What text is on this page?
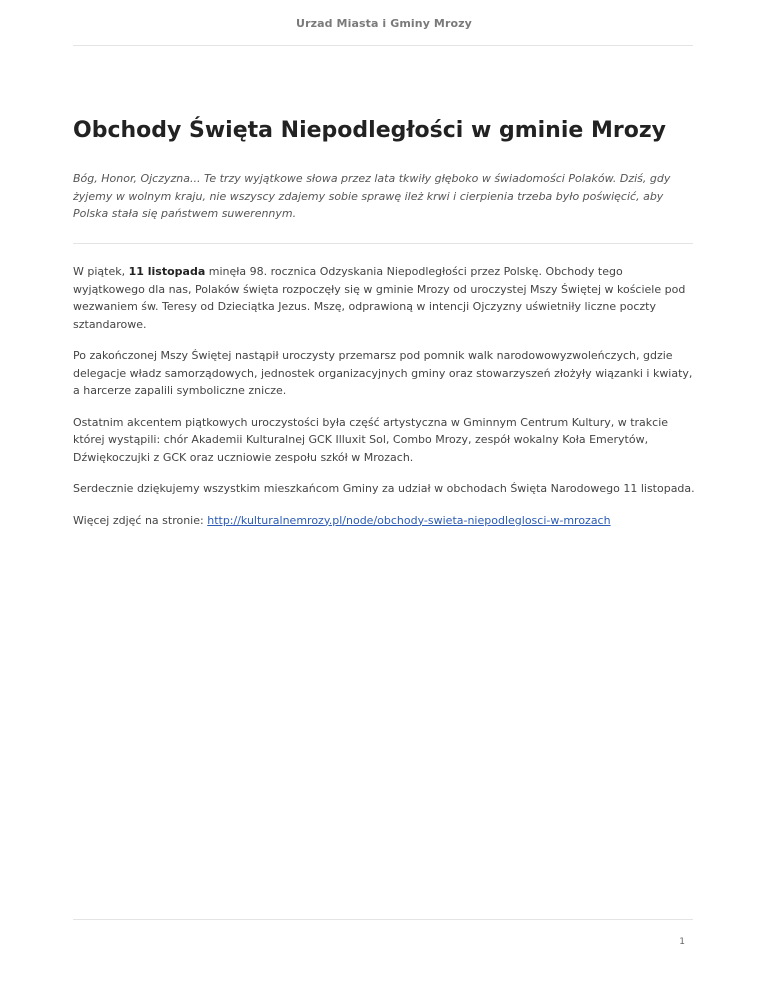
Urzad Miasta i Gminy Mrozy
Obchody Święta Niepodległości w gminie Mrozy

Bóg, Honor, Ojczyzna... Te trzy wyjątkowe słowa przez lata tkwiły głęboko w świadomości Polaków. Dziś, gdy żyjemy w wolnym kraju, nie wszyscy zdajemy sobie sprawę ileż krwi i cierpienia trzeba było poświęcić, aby Polska stała się państwem suwerennym.

W piątek, 11 listopada minęła 98. rocznica Odzyskania Niepodległości przez Polskę. Obchody tego wyjątkowego dla nas, Polaków święta rozpoczęły się w gminie Mrozy od uroczystej Mszy Świętej w kościele pod wezwaniem św. Teresy od Dzieciątka Jezus. Mszę, odprawioną w intencji Ojczyzny uświetniły liczne poczty sztandarowe.

Po zakończonej Mszy Świętej nastąpił uroczysty przemarsz pod pomnik walk narodowowyzwoleńczych, gdzie delegacje władz samorządowych, jednostek organizacyjnych gminy oraz stowarzyszeń złożyły wiązanki i kwiaty, a harcerze zapalili symboliczne znicze.

Ostatnim akcentem piątkowych uroczystości była część artystyczna w Gminnym Centrum Kultury, w trakcie której wystąpili: chór Akademii Kulturalnej GCK Illuxit Sol, Combo Mrozy, zespół wokalny Koła Emerytów, Dźwiękoczujki z GCK oraz uczniowie zespołu szkół w Mrozach.

Serdecznie dziękujemy wszystkim mieszkańcom Gminy za udział w obchodach Święta Narodowego 11 listopada.

Więcej zdjęć na stronie: http://kulturalnemrozy.pl/node/obchody-swieta-niepodleglosci-w-mrozach

1
